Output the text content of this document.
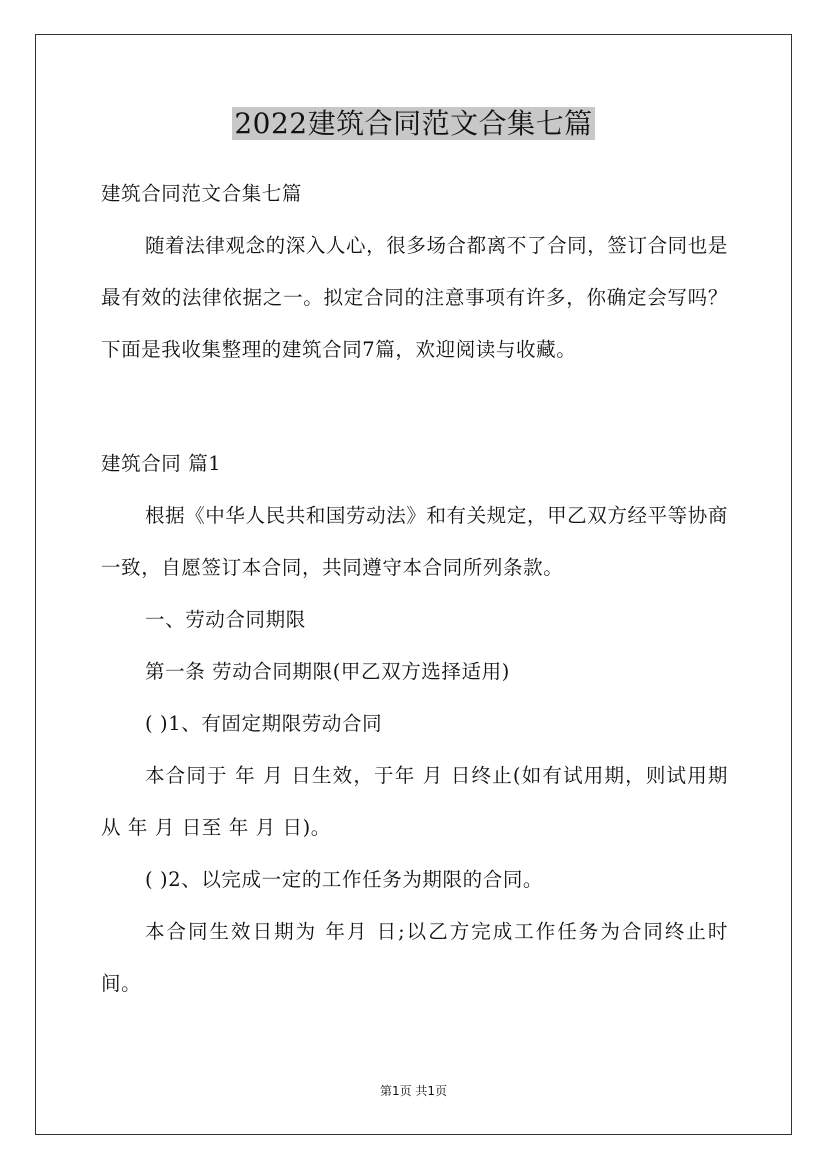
2022建筑合同范文合集七篇

建筑合同范文合集七篇

随着法律观念的深入人心，很多场合都离不了合同，签订合同也是最有效的法律依据之一。拟定合同的注意事项有许多，你确定会写吗？下面是我收集整理的建筑合同7篇，欢迎阅读与收藏。

建筑合同 篇1

根据《中华人民共和国劳动法》和有关规定，甲乙双方经平等协商一致，自愿签订本合同，共同遵守本合同所列条款。

一、劳动合同期限

第一条 劳动合同期限(甲乙双方选择适用)

( )1、有固定期限劳动合同

本合同于 年 月 日生效，于年 月 日终止(如有试用期，则试用期从 年 月 日至 年 月 日)。

( )2、以完成一定的工作任务为期限的合同。

本合同生效日期为 年月 日;以乙方完成工作任务为合同终止时间。

第1页 共1页
